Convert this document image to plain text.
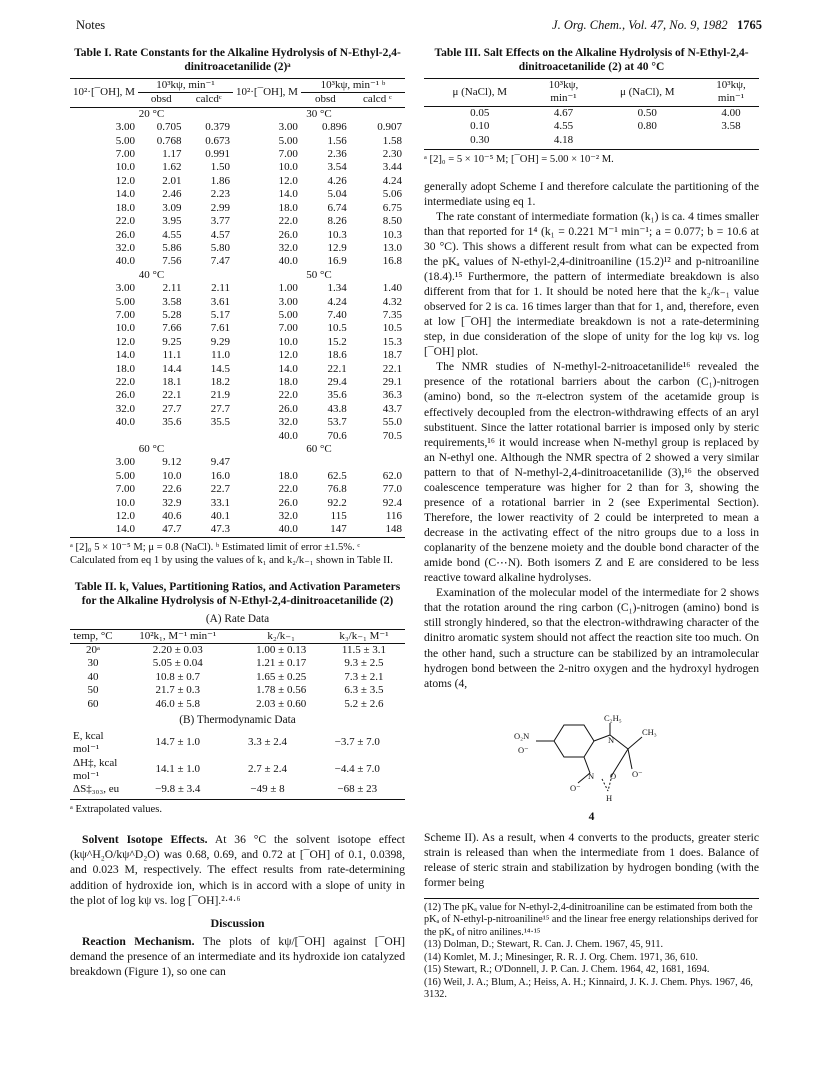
Notes	J. Org. Chem., Vol. 47, No. 9, 1982 1765
Table I. Rate Constants for the Alkaline Hydrolysis of N-Ethyl-2,4-dinitroacetanilide (2)ᵃ
10²·[¯OH], M	10³kψ, min⁻¹		10²·[¯OH], M	10³kψ, min⁻¹ ᵇ	
	obsd	calcdᶜ		obsd	calcd ᶜ
20 °C			30 °C		
3.00	0.705	0.379	3.00	0.896	0.907
5.00	0.768	0.673	5.00	1.56	1.58
7.00	1.17	0.991	7.00	2.36	2.30
10.0	1.62	1.50	10.0	3.54	3.44
12.0	2.01	1.86	12.0	4.26	4.24
14.0	2.46	2.23	14.0	5.04	5.06
18.0	3.09	2.99	18.0	6.74	6.75
22.0	3.95	3.77	22.0	8.26	8.50
26.0	4.55	4.57	26.0	10.3	10.3
32.0	5.86	5.80	32.0	12.9	13.0
40.0	7.56	7.47	40.0	16.9	16.8
40 °C			50 °C		
3.00	2.11	2.11	1.00	1.34	1.40
5.00	3.58	3.61	3.00	4.24	4.32
7.00	5.28	5.17	5.00	7.40	7.35
10.0	7.66	7.61	7.00	10.5	10.5
12.0	9.25	9.29	10.0	15.2	15.3
14.0	11.1	11.0	12.0	18.6	18.7
18.0	14.4	14.5	14.0	22.1	22.1
22.0	18.1	18.2	18.0	29.4	29.1
26.0	22.1	21.9	22.0	35.6	36.3
32.0	27.7	27.7	26.0	43.8	43.7
40.0	35.6	35.5	32.0	53.7	55.0
			40.0	70.6	70.5
60 °C			60 °C		
3.00	9.12	9.47			
5.00	10.0	16.0	18.0	62.5	62.0
7.00	22.6	22.7	22.0	76.8	77.0
10.0	32.9	33.1	26.0	92.2	92.4
12.0	40.6	40.1	32.0	115	116
14.0	47.7	47.3	40.0	147	148
ᵃ [2]₀ 5 × 10⁻⁵ M; μ = 0.8 (NaCl). ᵇ Estimated limit of error ±1.5%. ᶜ Calculated from eq 1 by using the values of k₁ and k₂/k₋₁ shown in Table II.
Table II. k, Values, Partitioning Ratios, and Activation Parameters for the Alkaline Hydrolysis of N-Ethyl-2,4-dinitroacetanilide (2)
(A) Rate Data
temp, °C	10²k₁, M⁻¹ min⁻¹	k₂/k₋₁	k₃/k₋₁ M⁻¹
20ᵃ	2.20 ± 0.03	1.00 ± 0.13	11.5 ± 3.1
30	5.05 ± 0.04	1.21 ± 0.17	9.3 ± 2.5
40	10.8 ± 0.7	1.65 ± 0.25	7.3 ± 2.1
50	21.7 ± 0.3	1.78 ± 0.56	6.3 ± 3.5
60	46.0 ± 5.8	2.03 ± 0.60	5.2 ± 2.6
(B) Thermodynamic Data
E, kcal mol⁻¹	14.7 ± 1.0	3.3 ± 2.4	−3.7 ± 7.0
ΔH‡, kcal mol⁻¹	14.1 ± 1.0	2.7 ± 2.4	−4.4 ± 7.0
ΔS‡₃₀₃, eu	−9.8 ± 3.4	−49 ± 8	−68 ± 23
ᵃ Extrapolated values.

Solvent Isotope Effects. At 36 °C the solvent isotope effect (kψ^H₂O/kψ^D₂O) was 0.68, 0.69, and 0.72 at [¯OH] of 0.1, 0.0398, and 0.023 M, respectively. The effect results from rate-determining addition of hydroxide ion, which is in accord with a slope of unity in the plot of log kψ vs. log [¯OH].²·⁴·⁶

Discussion

Reaction Mechanism. The plots of kψ/[¯OH] against [¯OH] demand the presence of an intermediate and its hydroxide ion catalyzed breakdown (Figure 1), so one can

Table III. Salt Effects on the Alkaline Hydrolysis of N-Ethyl-2,4-dinitroacetanilide (2) at 40 °C
μ (NaCl), M	10³kψ, min⁻¹	μ (NaCl), M	10³kψ, min⁻¹
0.05	4.67	0.50	4.00
0.10	4.55	0.80	3.58
0.30	4.18		
ᵃ [2]₀ = 5 × 10⁻⁵ M; [¯OH] = 5.00 × 10⁻² M.

generally adopt Scheme I and therefore calculate the partitioning of the intermediate using eq 1.

The rate constant of intermediate formation (k₁) is ca. 4 times smaller than that reported for 1⁴ (k₁ = 0.221 M⁻¹ min⁻¹; a = 0.077; b = 10.6 at 30 °C). This shows a different result from what can be expected from the pKₐ values of N-ethyl-2,4-dinitroaniline (15.2)¹² and p-nitroaniline (18.4).¹⁵ Furthermore, the pattern of intermediate breakdown is also different from that for 1. It should be noted here that the k₂/k₋₁ value observed for 2 is ca. 16 times larger than that for 1, and, therefore, even at low [¯OH] the intermediate breakdown is not a rate-determining step, in due consideration of the slope of unity for the log kψ vs. log [¯OH] plot.

The NMR studies of N-methyl-2-nitroacetanilide¹⁶ revealed the presence of the rotational barriers about the carbon (C₁)-nitrogen (amino) bond, so the π-electron system of the acetamide group is effectively decoupled from the electron-withdrawing effects of an aryl substituent. Since the latter rotational barrier is imposed only by steric requirements,¹⁶ it would increase when N-methyl group is replaced by an N-ethyl one. Although the NMR spectra of 2 showed a very similar pattern to that of N-methyl-2,4-dinitroacetanilide (3),¹⁶ the observed coalescence temperature was higher for 2 than for 3, showing the presence of a rotational barrier in 2 (see Experimental Section). Therefore, the lower reactivity of 2 could be interpreted to mean a decrease in the activating effect of the nitro groups due to a loss in coplanarity of the benzene moiety and the double bond character of the amide bond (C⋯N). Both isomers Z and E are considered to be less reactive toward alkaline hydrolyses.

Examination of the molecular model of the intermediate for 2 shows that the rotation around the ring carbon (C₁)-nitrogen (amino) bond is still strongly hindered, so that the electron-withdrawing character of the dinitro aromatic system should not affect the reaction site too much. On the other hand, such a structure can be stabilized by an intramolecular hydrogen bond between the 2-nitro oxygen and the hydroxyl hydrogen atoms (4,

O₂N
O⁻
C₂H₅
N
CH₃
O⁻
N
O⁻
O
H
4

Scheme II). As a result, when 4 converts to the products, greater steric strain is released than when the intermediate from 1 does. Balance of release of steric strain and stabilization by hydrogen bonding (with the former being

(12) The pKₐ value for N-ethyl-2,4-dinitroaniline can be estimated from both the pKₐ of N-ethyl-p-nitroaniline¹⁵ and the linear free energy relationships derived for the pKₐ of nitro anilines.¹⁴·¹⁵

(13) Dolman, D.; Stewart, R. Can. J. Chem. 1967, 45, 911.

(14) Komlet, M. J.; Minesinger, R. R. J. Org. Chem. 1971, 36, 610.

(15) Stewart, R.; O'Donnell, J. P. Can. J. Chem. 1964, 42, 1681, 1694.

(16) Weil, J. A.; Blum, A.; Heiss, A. H.; Kinnaird, J. K. J. Chem. Phys. 1967, 46, 3132.
